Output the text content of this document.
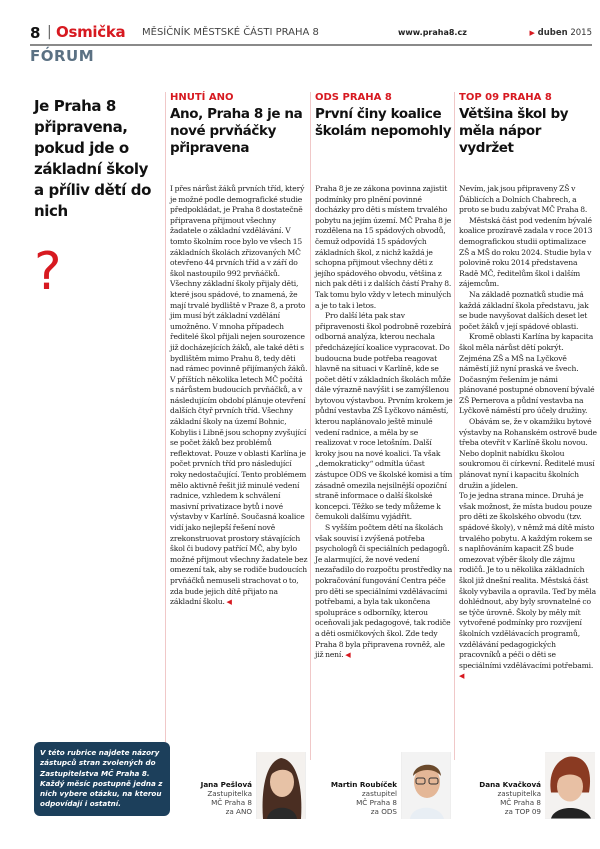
8 | Osmička MĚSÍČNÍK MĚSTSKÉ ČÁSTI PRAHA 8	www.praha8.cz	▶ duben 2015
FÓRUM
Je Praha 8 připravena, pokud jde o základní školy a příliv dětí do nich
?
HNUTÍ ANO
Ano, Praha 8 je na nové prvňáčky připravena

I přes nárůst žáků prvních tříd, který je možné podle demografické studie předpokládat, je Praha 8 dostatečně připravena přijmout všechny žadatele o základní vzdělávání. V tomto školním roce bylo ve všech 15 základních školách zřizovaných MČ otevřeno 44 prvních tříd a v září do škol nastoupilo 992 prvňáčků. Všechny základní školy přijaly děti, které jsou spádové, to znamená, že mají trvalé bydliště v Praze 8, a proto jim musí být základní vzdělání umožněno. V mnoha případech ředitelé škol přijali nejen sourozence již docházejících žáků, ale také děti s bydlištěm mimo Prahu 8, tedy děti nad rámec povinně přijímaných žáků. V příštích několika letech MČ počítá s nárůstem budoucích prvňáčků, a v následujícím období plánuje otevření dalších čtyř prvních tříd. Všechny základní školy na území Bohnic, Kobylis i Libně jsou schopny zvyšující se počet žáků bez problémů reflektovat. Pouze v oblasti Karlína je počet prvních tříd pro následující roky nedostačující. Tento problémem mělo aktivně řešit již minulé vedení radnice, vzhledem k schválení masivní privatizace bytů i nové výstavby v Karlíně. Současná koalice vidí jako nejlepší řešení nově zrekonstruovat prostory stávajících škol či budovy patřící MČ, aby bylo možné přijmout všechny žadatele bez omezení tak, aby se rodiče budoucích prvňáčků nemuseli strachovat o to, zda bude jejich dítě přijato na základní školu. ◀

ODS PRAHA 8
První činy koalice školám nepomohly

Praha 8 je ze zákona povinna zajistit podmínky pro plnění povinné docházky pro děti s místem trvalého pobytu na jejím území. MČ Praha 8 je rozdělena na 15 spádových obvodů, čemuž odpovídá 15 spádových základních škol, z nichž každá je schopna přijmout všechny děti z jejího spádového obvodu, většina z nich pak děti i z dalších částí Prahy 8. Tak tomu bylo vždy v letech minulých a je to tak i letos.

Pro další léta pak stav připravenosti škol podrobně rozebírá odborná analýza, kterou nechala předcházející koalice vypracovat. Do budoucna bude potřeba reagovat hlavně na situaci v Karlíně, kde se počet dětí v základních školách může dále výrazně navýšit i se zamýšlenou bytovou výstavbou. Prvním krokem je půdní vestavba ZŠ Lyčkovo náměstí, kterou naplánovalo ještě minulé vedení radnice, a měla by se realizovat v roce letošním. Další kroky jsou na nové koalici. Ta však „demokraticky“ odmítla účast zástupce ODS ve školské komisi a tím zásadně omezila nejsilnější opoziční straně informace o další školské koncepci. Těžko se tedy můžeme k čemukoli dalšímu vyjádřit.

S vyšším počtem dětí na školách však souvisí i zvýšená potřeba psychologů či speciálních pedagogů. Je alarmující, že nové vedení nezařadilo do rozpočtu prostředky na pokračování fungování Centra péče pro děti se speciálními vzdělávacími potřebami, a byla tak ukončena spolupráce s odborníky, kterou oceňovali jak pedagogové, tak rodiče a děti osmičkových škol. Zde tedy Praha 8 byla připravena rovněž, ale již není. ◀

TOP 09 PRAHA 8
Většina škol by měla nápor vydržet

Nevím, jak jsou připraveny ZŠ v Ďáblicích a Dolních Chabrech, a proto se budu zabývat MČ Praha 8.

Městská část pod vedením bývalé koalice prozíravě zadala v roce 2013 demografickou studii optimalizace ZŠ a MŠ do roku 2024. Studie byla v polovině roku 2014 představena Radě MČ, ředitelům škol i dalším zájemcům.

Na základě poznatků studie má každá základní škola představu, jak se bude navyšovat dalších deset let počet žáků v její spádové oblasti.

Kromě oblasti Karlína by kapacita škol měla nárůst dětí pokrýt. Zejména ZŠ a MŠ na Lyčkově náměstí již nyní praská ve švech. Dočasným řešením je námi plánované postupné obnovení bývalé ZŠ Pernerova a půdní vestavba na Lyčkově náměstí pro účely družiny.

Obávám se, že v okamžiku bytové výstavby na Rohanském ostrově bude třeba otevřít v Karlíně školu novou. Nebo doplnit nabídku školou soukromou či církevní. Ředitelé musí plánovat nyní i kapacitu školních družin a jídelen.

To je jedna strana mince. Druhá je však možnost, že místa budou pouze pro děti ze školského obvodu (tzv. spádové školy), v němž má dítě místo trvalého pobytu. A každým rokem se s naplňováním kapacit ZŠ bude omezovat výběr školy dle zájmu rodičů. Je to u několika základních škol již dnešní realita. Městská část školy vybavila a opravila. Teď by měla dohlédnout, aby byly srovnatelné co se týče úrovně. Školy by měly mít vytvořené podmínky pro rozvíjení školních vzdělávacích programů, vzdělávání pedagogických pracovníků a péči o děti se speciálními vzdělávacími potřebami. ◀

V této rubrice najdete názory zástupců stran zvolených do Zastupitelstva MČ Praha 8. Každý měsíc postupně jedna z nich vybere otázku, na kterou odpovídají i ostatní.
Jana Pešlová
Zastupitelka
MČ Praha 8
za ANO
Martin Roubíček
zastupitel
MČ Praha 8
za ODS
Dana Kvačková
zastupitelka
MČ Praha 8
za TOP 09
